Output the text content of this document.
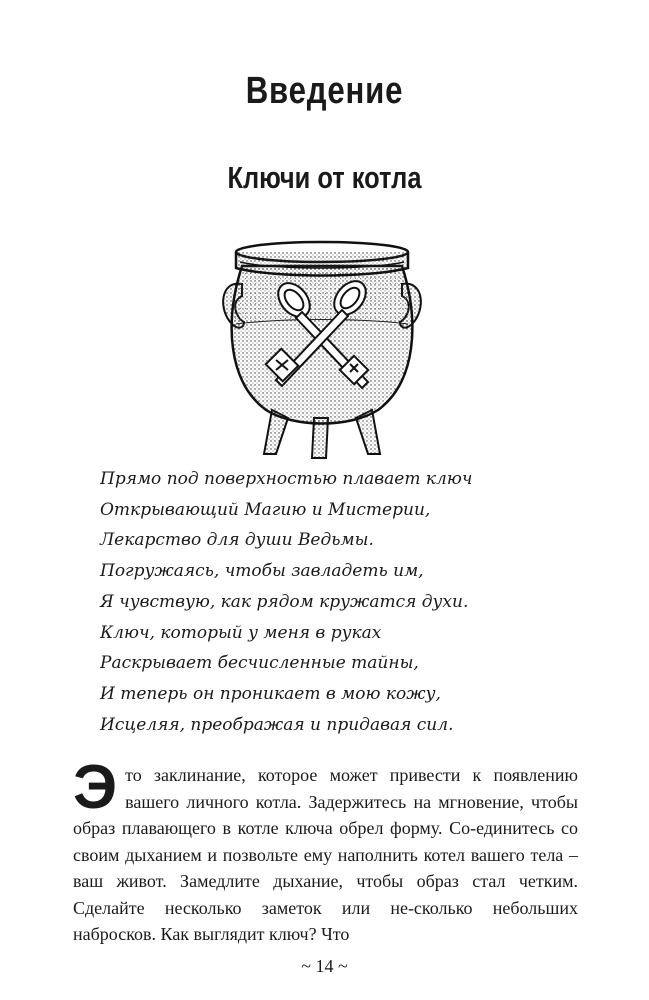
Введение
Ключи от котла
Прямо под поверхностью плавает ключ
Открывающий Магию и Мистерии,
Лекарство для души Ведьмы.
Погружаясь, чтобы завладеть им,
Я чувствую, как рядом кружатся духи.
Ключ, который у меня в руках
Раскрывает бесчисленные тайны,
И теперь он проникает в мою кожу,
Исцеляя, преображая и придавая сил.
Э то заклинание, которое может привести к появлению вашего личного котла. Задержитесь на мгновение, чтобы образ плавающего в котле ключа обрел форму. Со-единитесь со своим дыханием и позвольте ему наполнить котел вашего тела – ваш живот. Замедлите дыхание, чтобы образ стал четким. Сделайте несколько заметок или не-сколько небольших набросков. Как выглядит ключ? Что
~ 14 ~
